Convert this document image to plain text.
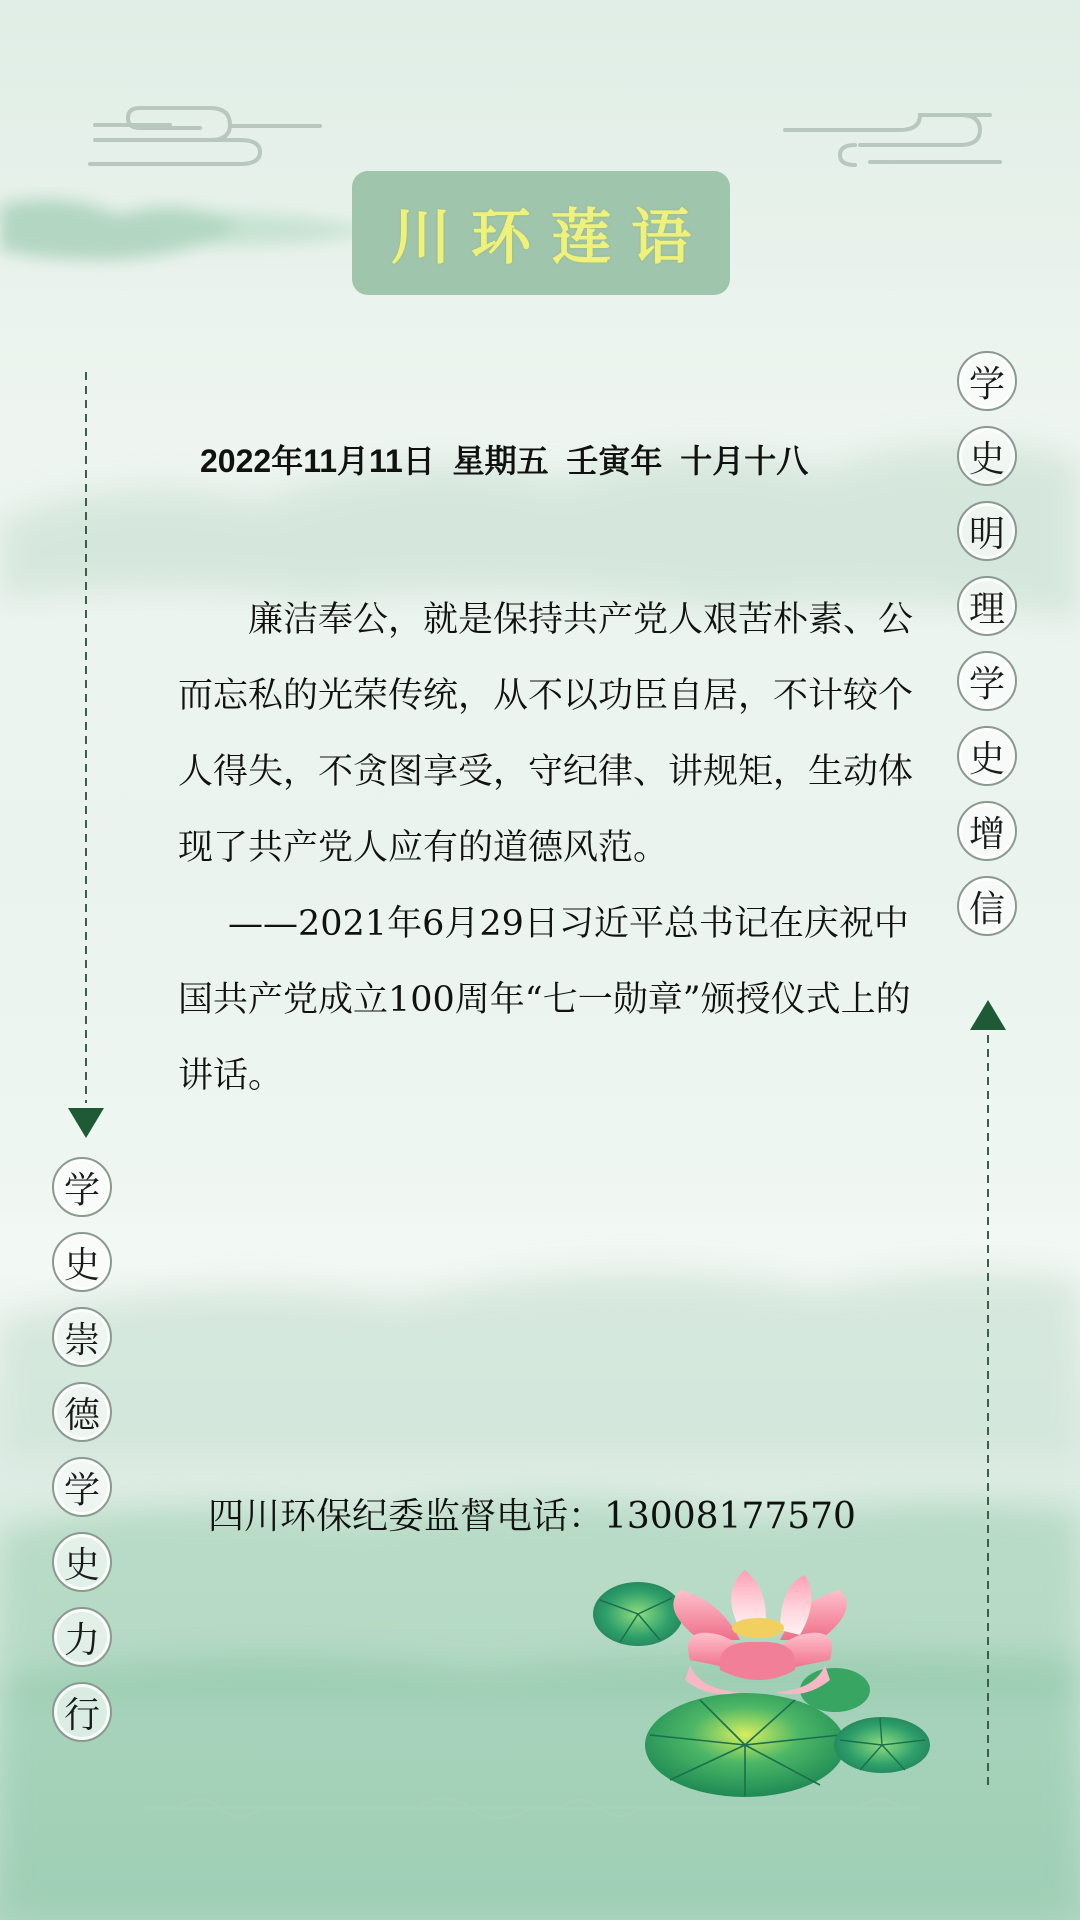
川环莲语
2022年11月11日  星期五  壬寅年  十月十八

廉洁奉公，就是保持共产党人艰苦朴素、公而忘私的光荣传统，从不以功臣自居，不计较个人得失，不贪图享受，守纪律、讲规矩，生动体现了共产党人应有的道德风范。

——2021年6月29日习近平总书记在庆祝中国共产党成立100周年“七一勋章”颁授仪式上的讲话。

四川环保纪委监督电话：13008177570
学
史
明
理
学
史
增
信
学
史
崇
德
学
史
力
行
